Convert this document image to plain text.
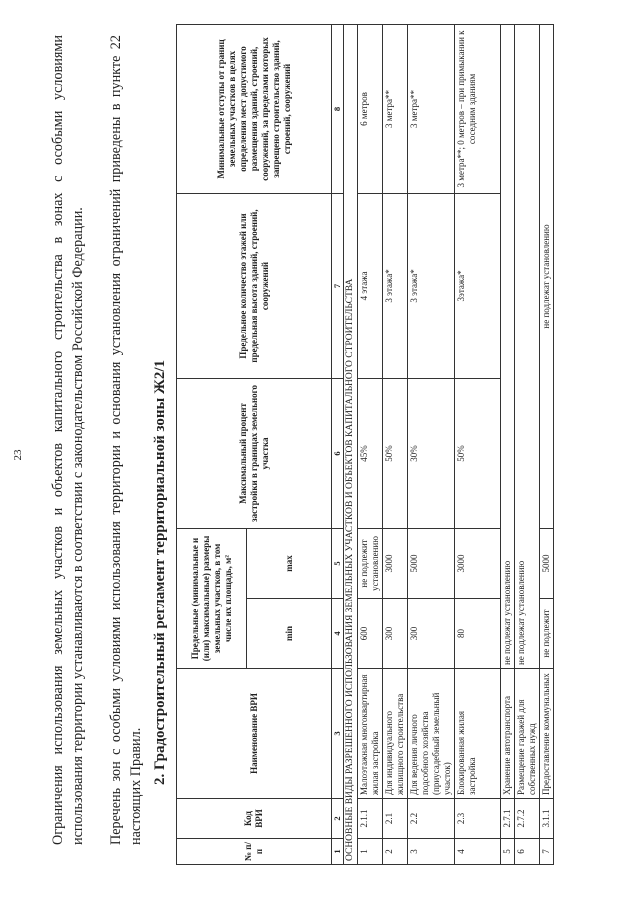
23 Ограничения использования земельных участков и объектов капитального строительства в зонах с особыми условиями использования территории устанавливаются в соответствии с законодательством Российской Федерации.	Перечень зон с особыми условиями использования территории и основания установления ограничений приведены в пункте 22 настоящих Правил.

2. Градостроительный регламент территориальной зоны Ж2/1
№ п/п	Код ВРИ	Наименование ВРИ	Предельные (минимальные и (или) максимальные) размеры земельных участков, в том числе их площадь, м²		Максимальный процент застройки в границах земельного участка	Предельное количество этажей или предельная высота зданий, строений, сооружений	Минимальные отступы от границ земельных участков в целях определения мест допустимого размещения зданий, строений, сооружений, за пределами которых запрещено строительство зданий, строений, сооружений
			min	max			
1	2	3	4	5	6	7	8
ОСНОВНЫЕ ВИДЫ РАЗРЕШЕННОГО ИСПОЛЬЗОВАНИЯ ЗЕМЕЛЬНЫХ УЧАСТКОВ И ОБЪЕКТОВ КАПИТАЛЬНОГО СТРОИТЕЛЬСТВА							
1	2.1.1	Малоэтажная многоквартирная жилая застройка	600	не подлежит установлению	45%	4 этажа	6 метров
2	2.1	Для индивидуального жилищного строительства	300	3000	50%	3 этажа*	3 метра**
3	2.2	Для ведения личного подсобного хозяйства (приусадебный земельный участок)	300	5000	30%	3 этажа*	3 метра**
4	2.3	Блокированная жилая застройка	80	3000	50%	3этажа*	3 метра**; 0 метров – при примыкании к соседним зданиям
5	2.7.1	Хранение автотранспорта	не подлежат установлению				
6	2.7.2	Размещение гаражей для собственных нужд	не подлежат установлению				
7	3.1.1	Предоставление коммунальных	не подлежит	5000	не подлежат установлению		
